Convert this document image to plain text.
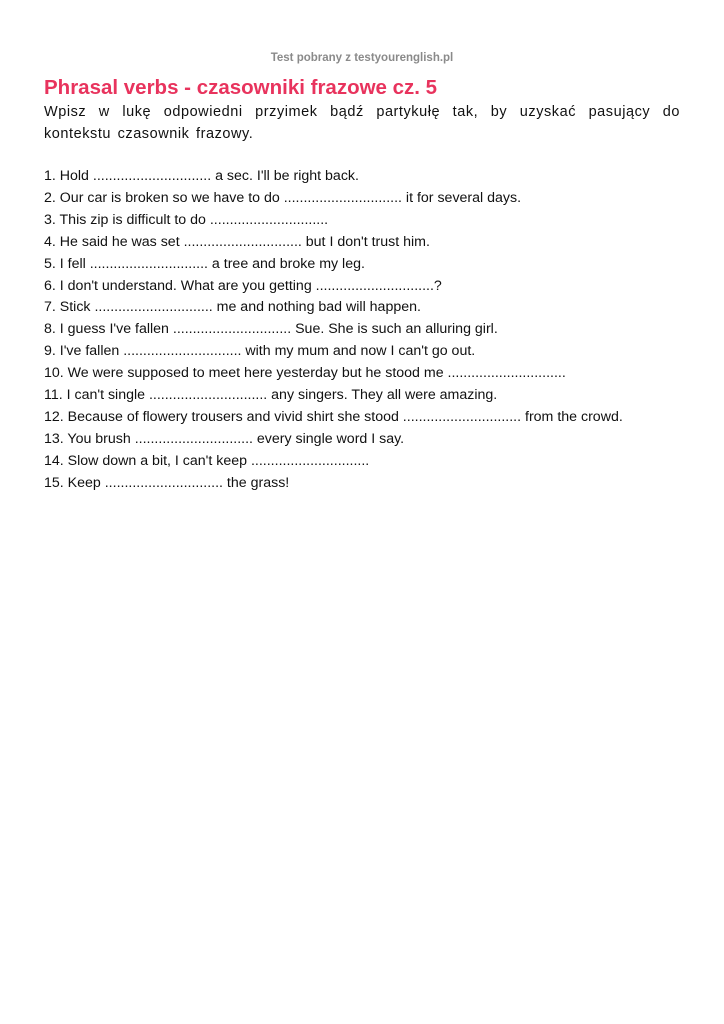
Test pobrany z testyourenglish.pl
Phrasal verbs - czasowniki frazowe cz. 5

Wpisz w lukę odpowiedni przyimek bądź partykułę tak, by uzyskać pasujący do kontekstu czasownik frazowy.

1. Hold .............................. a sec. I'll be right back.
2. Our car is broken so we have to do .............................. it for several days.
3. This zip is difficult to do ..............................
4. He said he was set .............................. but I don't trust him.
5. I fell .............................. a tree and broke my leg.
6. I don't understand. What are you getting ..............................?
7. Stick .............................. me and nothing bad will happen.
8. I guess I've fallen .............................. Sue. She is such an alluring girl.
9. I've fallen .............................. with my mum and now I can't go out.
10. We were supposed to meet here yesterday but he stood me ..............................
11. I can't single .............................. any singers. They all were amazing.
12. Because of flowery trousers and vivid shirt she stood .............................. from the crowd.
13. You brush .............................. every single word I say.
14. Slow down a bit, I can't keep ..............................
15. Keep .............................. the grass!
